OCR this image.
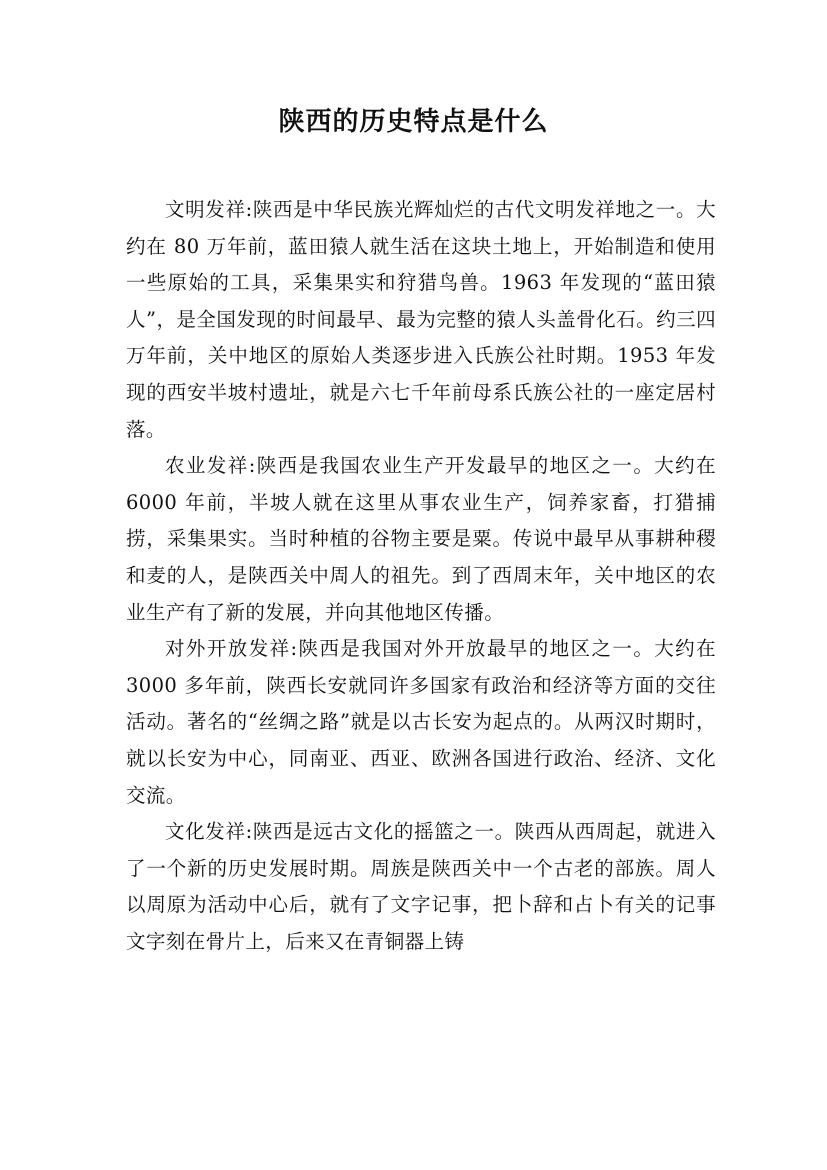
陕西的历史特点是什么

文明发祥:陕西是中华民族光辉灿烂的古代文明发祥地之一。大约在 80 万年前，蓝田猿人就生活在这块土地上，开始制造和使用一些原始的工具，采集果实和狩猎鸟兽。1963 年发现的“蓝田猿人”，是全国发现的时间最早、最为完整的猿人头盖骨化石。约三四万年前，关中地区的原始人类逐步进入氏族公社时期。1953 年发现的西安半坡村遗址，就是六七千年前母系氏族公社的一座定居村落。

农业发祥:陕西是我国农业生产开发最早的地区之一。大约在 6000 年前，半坡人就在这里从事农业生产，饲养家畜，打猎捕捞，采集果实。当时种植的谷物主要是粟。传说中最早从事耕种稷和麦的人，是陕西关中周人的祖先。到了西周末年，关中地区的农业生产有了新的发展，并向其他地区传播。

对外开放发祥:陕西是我国对外开放最早的地区之一。大约在 3000 多年前，陕西长安就同许多国家有政治和经济等方面的交往活动。著名的“丝绸之路”就是以古长安为起点的。从两汉时期时，就以长安为中心，同南亚、西亚、欧洲各国进行政治、经济、文化交流。

文化发祥:陕西是远古文化的摇篮之一。陕西从西周起，就进入了一个新的历史发展时期。周族是陕西关中一个古老的部族。周人以周原为活动中心后，就有了文字记事，把卜辞和占卜有关的记事文字刻在骨片上，后来又在青铜器上铸
